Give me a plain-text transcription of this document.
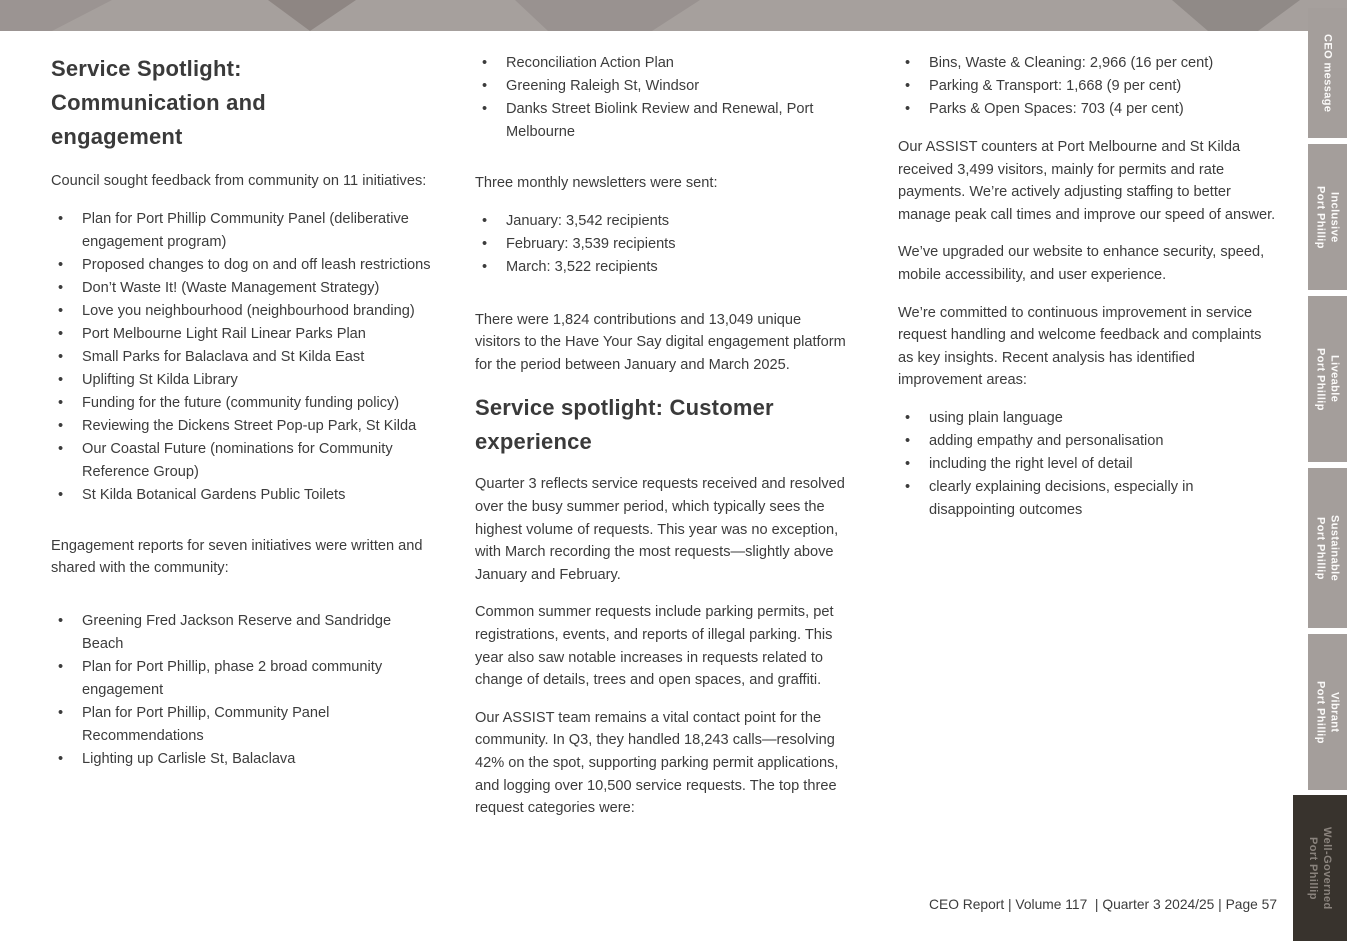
Service Spotlight: Communication and engagement

Council sought feedback from community on 11 initiatives:

• Plan for Port Phillip Community Panel (deliberative engagement program)
• Proposed changes to dog on and off leash restrictions
• Don’t Waste It! (Waste Management Strategy)
• Love you neighbourhood (neighbourhood branding)
• Port Melbourne Light Rail Linear Parks Plan
• Small Parks for Balaclava and St Kilda East
• Uplifting St Kilda Library
• Funding for the future (community funding policy)
• Reviewing the Dickens Street Pop-up Park, St Kilda
• Our Coastal Future (nominations for Community Reference Group)
• St Kilda Botanical Gardens Public Toilets

Engagement reports for seven initiatives were written and shared with the community:

• Greening Fred Jackson Reserve and Sandridge Beach
• Plan for Port Phillip, phase 2 broad community engagement
• Plan for Port Phillip, Community Panel Recommendations
• Lighting up Carlisle St, Balaclava
• Reconciliation Action Plan
• Greening Raleigh St, Windsor
• Danks Street Biolink Review and Renewal, Port Melbourne

Three monthly newsletters were sent:

• January: 3,542 recipients
• February: 3,539 recipients
• March: 3,522 recipients

There were 1,824 contributions and 13,049 unique visitors to the Have Your Say digital engagement platform for the period between January and March 2025.

Service spotlight: Customer experience

Quarter 3 reflects service requests received and resolved over the busy summer period, which typically sees the highest volume of requests. This year was no exception, with March recording the most requests—slightly above January and February.

Common summer requests include parking permits, pet registrations, events, and reports of illegal parking. This year also saw notable increases in requests related to change of details, trees and open spaces, and graffiti.

Our ASSIST team remains a vital contact point for the community. In Q3, they handled 18,243 calls—resolving 42% on the spot, supporting parking permit applications, and logging over 10,500 service requests. The top three request categories were:

• Bins, Waste & Cleaning: 2,966 (16 per cent)
• Parking & Transport: 1,668 (9 per cent)
• Parks & Open Spaces: 703 (4 per cent)

Our ASSIST counters at Port Melbourne and St Kilda received 3,499 visitors, mainly for permits and rate payments. We’re actively adjusting staffing to better manage peak call times and improve our speed of answer.

We’ve upgraded our website to enhance security, speed, mobile accessibility, and user experience.

We’re committed to continuous improvement in service request handling and welcome feedback and complaints as key insights. Recent analysis has identified improvement areas:

• using plain language
• adding empathy and personalisation
• including the right level of detail
• clearly explaining decisions, especially in disappointing outcomes
CEO Report | Volume 117  | Quarter 3 2024/25 | Page 57
CEO message
Inclusive
Port Phillip
Liveable
Port Phillip
Sustainable
Port Phillip
Vibrant
Port Phillip
Well-Governed
Port Phillip
